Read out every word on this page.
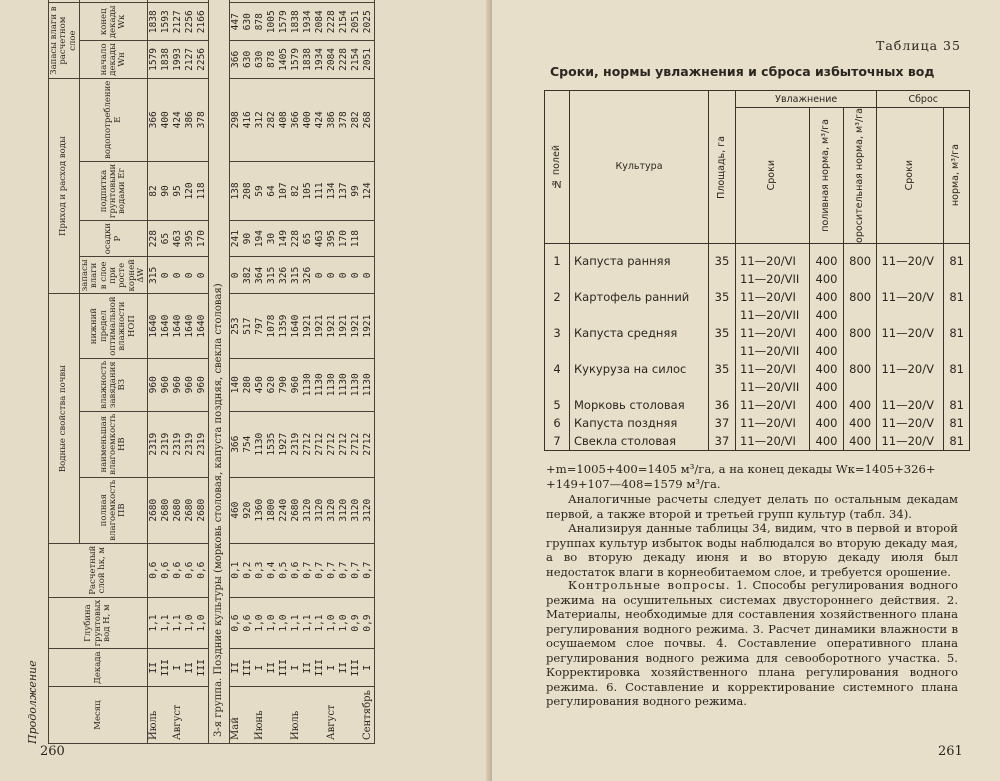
Продолжение	Месяц	Декада	Глубина грунтовых вод H, м	Расчетный слой hк, м	Водные свойства почвы				Приход и расход воды				Запасы влаги в расчетном слое		
				полная влагоемкость ПВ	наименьшая влагоемкость НВ	влажность завядания ВЗ	нижний предел оптимальной влажности НОП	запасы влаги в слое при росте корней ΔW	осадки P	подпитка грунтовыми водами Eг	водопотребление E	начало декады Wн	конец декады Wк				
Июль	II	1,1	0,6	2680	2319	960	1640	315	228	82	366	1579	1838				
	III	1,1	0,6	2680	2319	960	1640	0	65	90	400	1838	1593				
Август	I	1,1	0,6	2680	2319	960	1640	0	463	95	424	1993	2127				
	II	1,0	0,6	2680	2319	960	1640	0	395	120	386	2127	2256				
	III	1,0	0,6	2680	2319	960	1640	0	170	118	378	2256	2166				
3-я группа. Поздние культуры (морковь столовая, капуста поздняя, свекла столовая)																	
Май	II	0,6	0,1	460	366	140	253	0	241	138	298	366	447				
	III	0,6	0,2	920	754	280	517	382	90	208	416	630	630				
Июнь	I	1,0	0,3	1360	1130	450	797	364	194	59	312	630	878				
	II	1,0	0,4	1800	1535	620	1078	315	30	64	282	878	1005				
	III	1,0	0,5	2240	1927	790	1359	326	149	107	408	1405	1579				
Июль	I	1,1	0,6	2680	2319	960	1640	315	228	82	366	1579	1838				
	II	1,1	0,7	3120	2712	1130	1921	326	65	105	400	1838	1934				
	III	1,1	0,7	3120	2712	1130	1921	0	463	111	424	1934	2084				
Август	I	1,0	0,7	3120	2712	1130	1921	0	395	134	386	2084	2228				
	II	1,0	0,7	3120	2712	1130	1921	0	170	137	378	2228	2154				
	III	0,9	0,7	3120	2712	1130	1921	0	118	99	282	2154	2051				
Сентябрь	I	0,9	0,7	3120	2712	1130	1921	0		124	268	2051	2025				
260
Таблица 35
Сроки, нормы увлажнения и сброса избыточных вод
№ полей	Культура	Площадь, га	Увлажнение			Сброс	

			Сроки	поливная норма, м³/га	оросительная норма, м³/га	Сроки	норма, м³/га

1	Капуста ранняя	35	11—20/VI	400	800	11—20/V	81
			11—20/VII	400			
2	Картофель ранний	35	11—20/VI	400	800	11—20/V	81
			11—20/VII	400			
3	Капуста средняя	35	11—20/VI	400	800	11—20/V	81
			11—20/VII	400			
4	Кукуруза на силос	35	11—20/VI	400	800	11—20/V	81
			11—20/VII	400			
5	Морковь столовая	36	11—20/VI	400	400	11—20/V	81
6	Капуста поздняя	37	11—20/VI	400	400	11—20/V	81
7	Свекла столовая	37	11—20/VI	400	400	11—20/V	81

+m=1005+400=1405 м³/га, а на конец декады Wк=1405+326+

+149+107—408=1579 м³/га.

Аналогичные расчеты следует делать по остальным декадам первой, а также второй и третьей групп культур (табл. 34).

Анализируя данные таблицы 34, видим, что в первой и второй группах культур избыток воды наблюдался во вторую декаду мая, а во вторую декаду июня и во вторую декаду июля был недостаток влаги в корнеобитаемом слое, и требуется орошение.

Контрольные вопросы. 1. Способы регулирования водного режима на осушительных системах двустороннего действия. 2. Материалы, необходимые для составления хозяйственного плана регулирования водного режима. 3. Расчет динамики влажности в осушаемом слое почвы. 4. Составление оперативного плана регулирования водного режима для севооборотного участка. 5. Корректировка хозяйственного плана регулирования водного режима. 6. Составление и корректирование системного плана регулирования водного режима.

261
